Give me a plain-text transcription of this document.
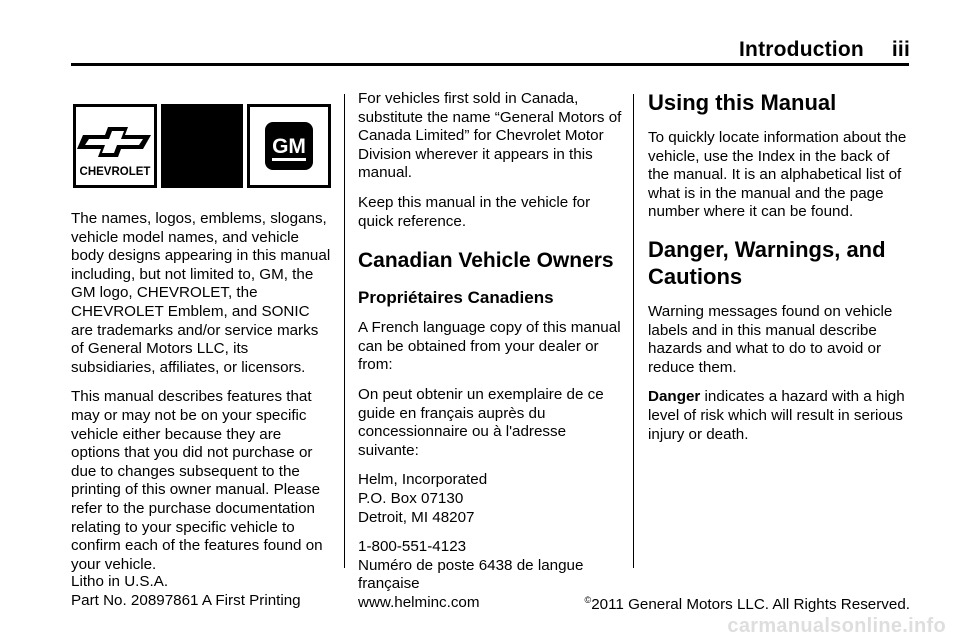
Introduction iii
CHEVROLET
GM

The names, logos, emblems, slogans, vehicle model names, and vehicle body designs appearing in this manual including, but not limited to, GM, the GM logo, CHEVROLET, the CHEVROLET Emblem, and SONIC are trademarks and/or service marks of General Motors LLC, its subsidiaries, affiliates, or licensors.

This manual describes features that may or may not be on your specific vehicle either because they are options that you did not purchase or due to changes subsequent to the printing of this owner manual. Please refer to the purchase documentation relating to your specific vehicle to confirm each of the features found on your vehicle.

For vehicles first sold in Canada, substitute the name “General Motors of Canada Limited” for Chevrolet Motor Division wherever it appears in this manual.

Keep this manual in the vehicle for quick reference.

Canadian Vehicle Owners
Propriétaires Canadiens

A French language copy of this manual can be obtained from your dealer or from:

On peut obtenir un exemplaire de ce guide en français auprès du concessionnaire ou à l'adresse suivante:

Helm, Incorporated
P.O. Box 07130
Detroit, MI 48207
1-800-551-4123
Numéro de poste 6438 de langue
française
www.helminc.com
Using this Manual

To quickly locate information about the vehicle, use the Index in the back of the manual. It is an alphabetical list of what is in the manual and the page number where it can be found.

Danger, Warnings, and Cautions

Warning messages found on vehicle labels and in this manual describe hazards and what to do to avoid or reduce them.

Danger indicates a hazard with a high level of risk which will result in serious injury or death.

Litho in U.S.A.
Part No. 20897861 A First Printing	©2011 General Motors LLC. All Rights Reserved.
carmanualsonline.info
